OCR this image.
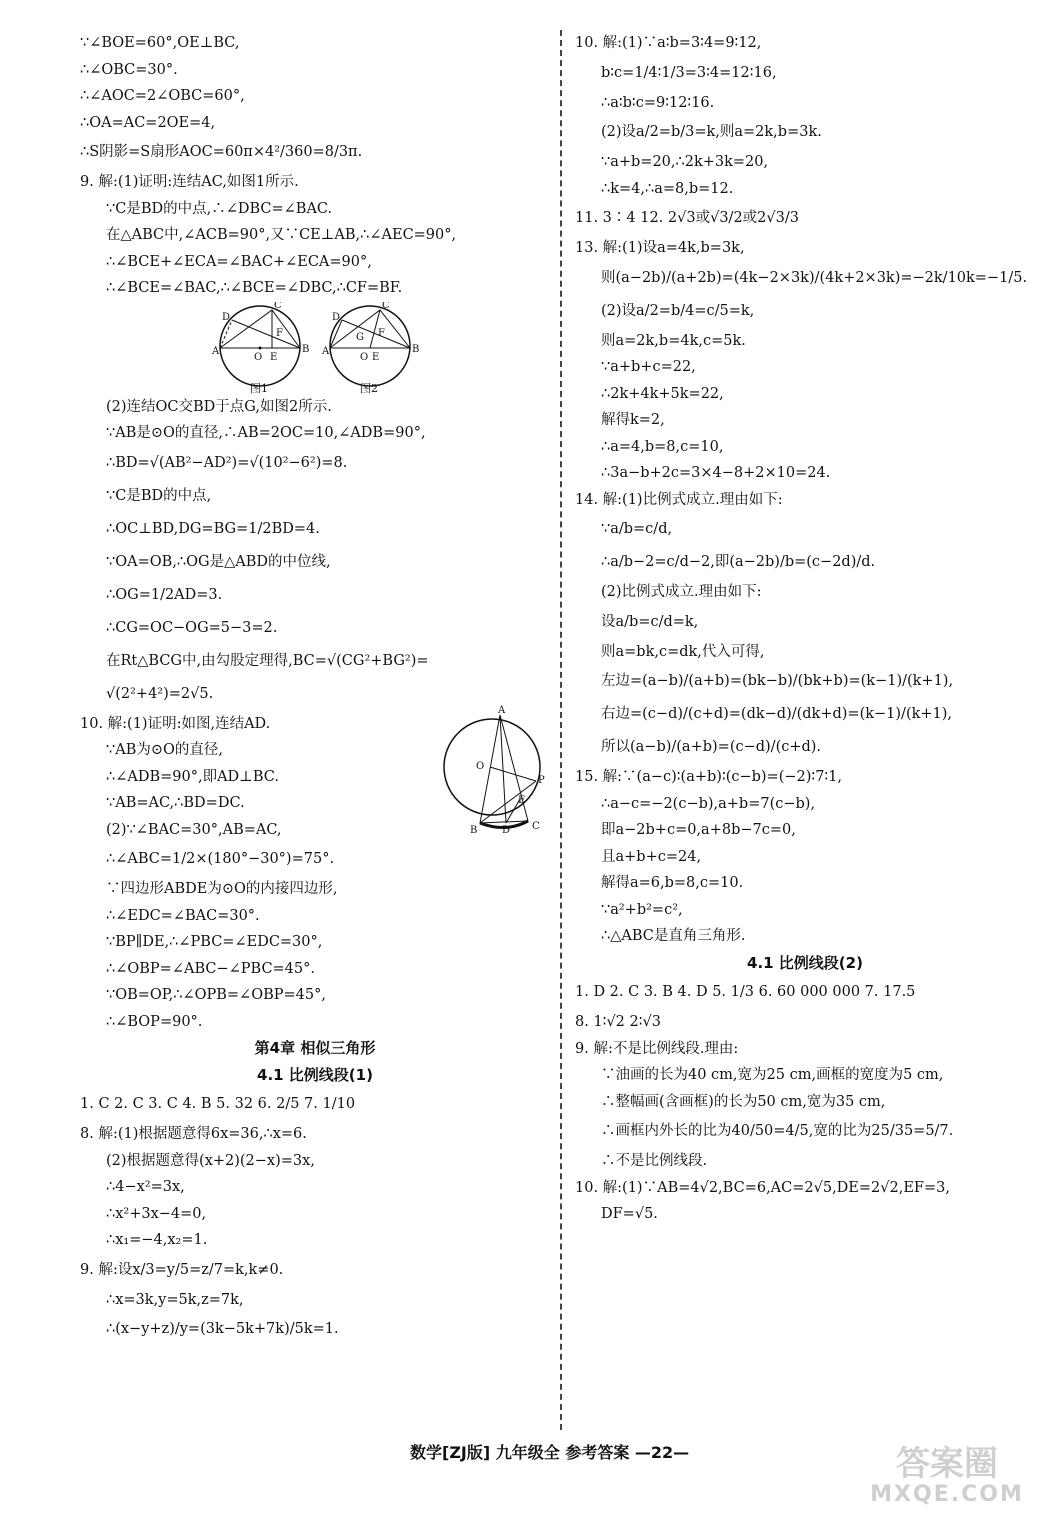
∵∠BOE=60°,OE⊥BC,
∴∠OBC=30°.
∴∠AOC=2∠OBC=60°,
∴OA=AC=2OE=4,
∴S阴影=S扇形AOC=60π×4²/360=8/3π.
9. 解:(1)证明:连结AC,如图1所示.
∵C是BD的中点,∴∠DBC=∠BAC.
在△ABC中,∠ACB=90°,又∵CE⊥AB,∴∠AEC=90°,
∴∠BCE+∠ECA=∠BAC+∠ECA=90°,
∴∠BCE=∠BAC,∴∠BCE=∠DBC,∴CF=BF.
C
D
A	B
O E
F
图1
C
D
A	B
O E
G F
图2
(2)连结OC交BD于点G,如图2所示.
∵AB是⊙O的直径,∴AB=2OC=10,∠ADB=90°,
∴BD=√(AB²−AD²)=√(10²−6²)=8.
∵C是BD的中点,
∴OC⊥BD,DG=BG=1/2BD=4.
∵OA=OB,∴OG是△ABD的中位线,
∴OG=1/2AD=3.
∴CG=OC−OG=5−3=2.
在Rt△BCG中,由勾股定理得,BC=√(CG²+BG²)=
√(2²+4²)=2√5.
A
O
P
E
B D C
10. 解:(1)证明:如图,连结AD.
∵AB为⊙O的直径,
∴∠ADB=90°,即AD⊥BC.
∵AB=AC,∴BD=DC.
(2)∵∠BAC=30°,AB=AC,
∴∠ABC=1/2×(180°−30°)=75°.
∵四边形ABDE为⊙O的内接四边形,
∴∠EDC=∠BAC=30°.
∵BP∥DE,∴∠PBC=∠EDC=30°,
∴∠OBP=∠ABC−∠PBC=45°.
∵OB=OP,∴∠OPB=∠OBP=45°,
∴∠BOP=90°.
第4章 相似三角形
4.1 比例线段(1)
1. C 2. C 3. C 4. B 5. 32 6. 2/5 7. 1/10
8. 解:(1)根据题意得6x=36,∴x=6.
(2)根据题意得(x+2)(2−x)=3x,
∴4−x²=3x,
∴x²+3x−4=0,
∴x₁=−4,x₂=1.
9. 解:设x/3=y/5=z/7=k,k≠0.
∴x=3k,y=5k,z=7k,
∴(x−y+z)/y=(3k−5k+7k)/5k=1.
10. 解:(1)∵a∶b=3∶4=9∶12,
b∶c=1/4∶1/3=3∶4=12∶16,
∴a∶b∶c=9∶12∶16.
(2)设a/2=b/3=k,则a=2k,b=3k.
∵a+b=20,∴2k+3k=20,
∴k=4,∴a=8,b=12.
11. 3∶4 12. 2√3或√3/2或2√3/3
13. 解:(1)设a=4k,b=3k,
则(a−2b)/(a+2b)=(4k−2×3k)/(4k+2×3k)=−2k/10k=−1/5.
(2)设a/2=b/4=c/5=k,
则a=2k,b=4k,c=5k.
∵a+b+c=22,
∴2k+4k+5k=22,
解得k=2,
∴a=4,b=8,c=10,
∴3a−b+2c=3×4−8+2×10=24.
14. 解:(1)比例式成立.理由如下:
∵a/b=c/d,
∴a/b−2=c/d−2,即(a−2b)/b=(c−2d)/d.
(2)比例式成立.理由如下:
设a/b=c/d=k,
则a=bk,c=dk,代入可得,
左边=(a−b)/(a+b)=(bk−b)/(bk+b)=(k−1)/(k+1),
右边=(c−d)/(c+d)=(dk−d)/(dk+d)=(k−1)/(k+1),
所以(a−b)/(a+b)=(c−d)/(c+d).
15. 解:∵(a−c)∶(a+b)∶(c−b)=(−2)∶7∶1,
∴a−c=−2(c−b),a+b=7(c−b),
即a−2b+c=0,a+8b−7c=0,
且a+b+c=24,
解得a=6,b=8,c=10.
∵a²+b²=c²,
∴△ABC是直角三角形.
4.1 比例线段(2)
1. D 2. C 3. B 4. D 5. 1/3 6. 60 000 000 7. 17.5
8. 1∶√2 2∶√3
9. 解:不是比例线段.理由:
∵油画的长为40 cm,宽为25 cm,画框的宽度为5 cm,
∴整幅画(含画框)的长为50 cm,宽为35 cm,
∴画框内外长的比为40/50=4/5,宽的比为25/35=5/7.
∴不是比例线段.
10. 解:(1)∵AB=4√2,BC=6,AC=2√5,DE=2√2,EF=3,
DF=√5.
数学[ZJ版] 九年级全 参考答案 —22—	答案圈
MXQE.COM
